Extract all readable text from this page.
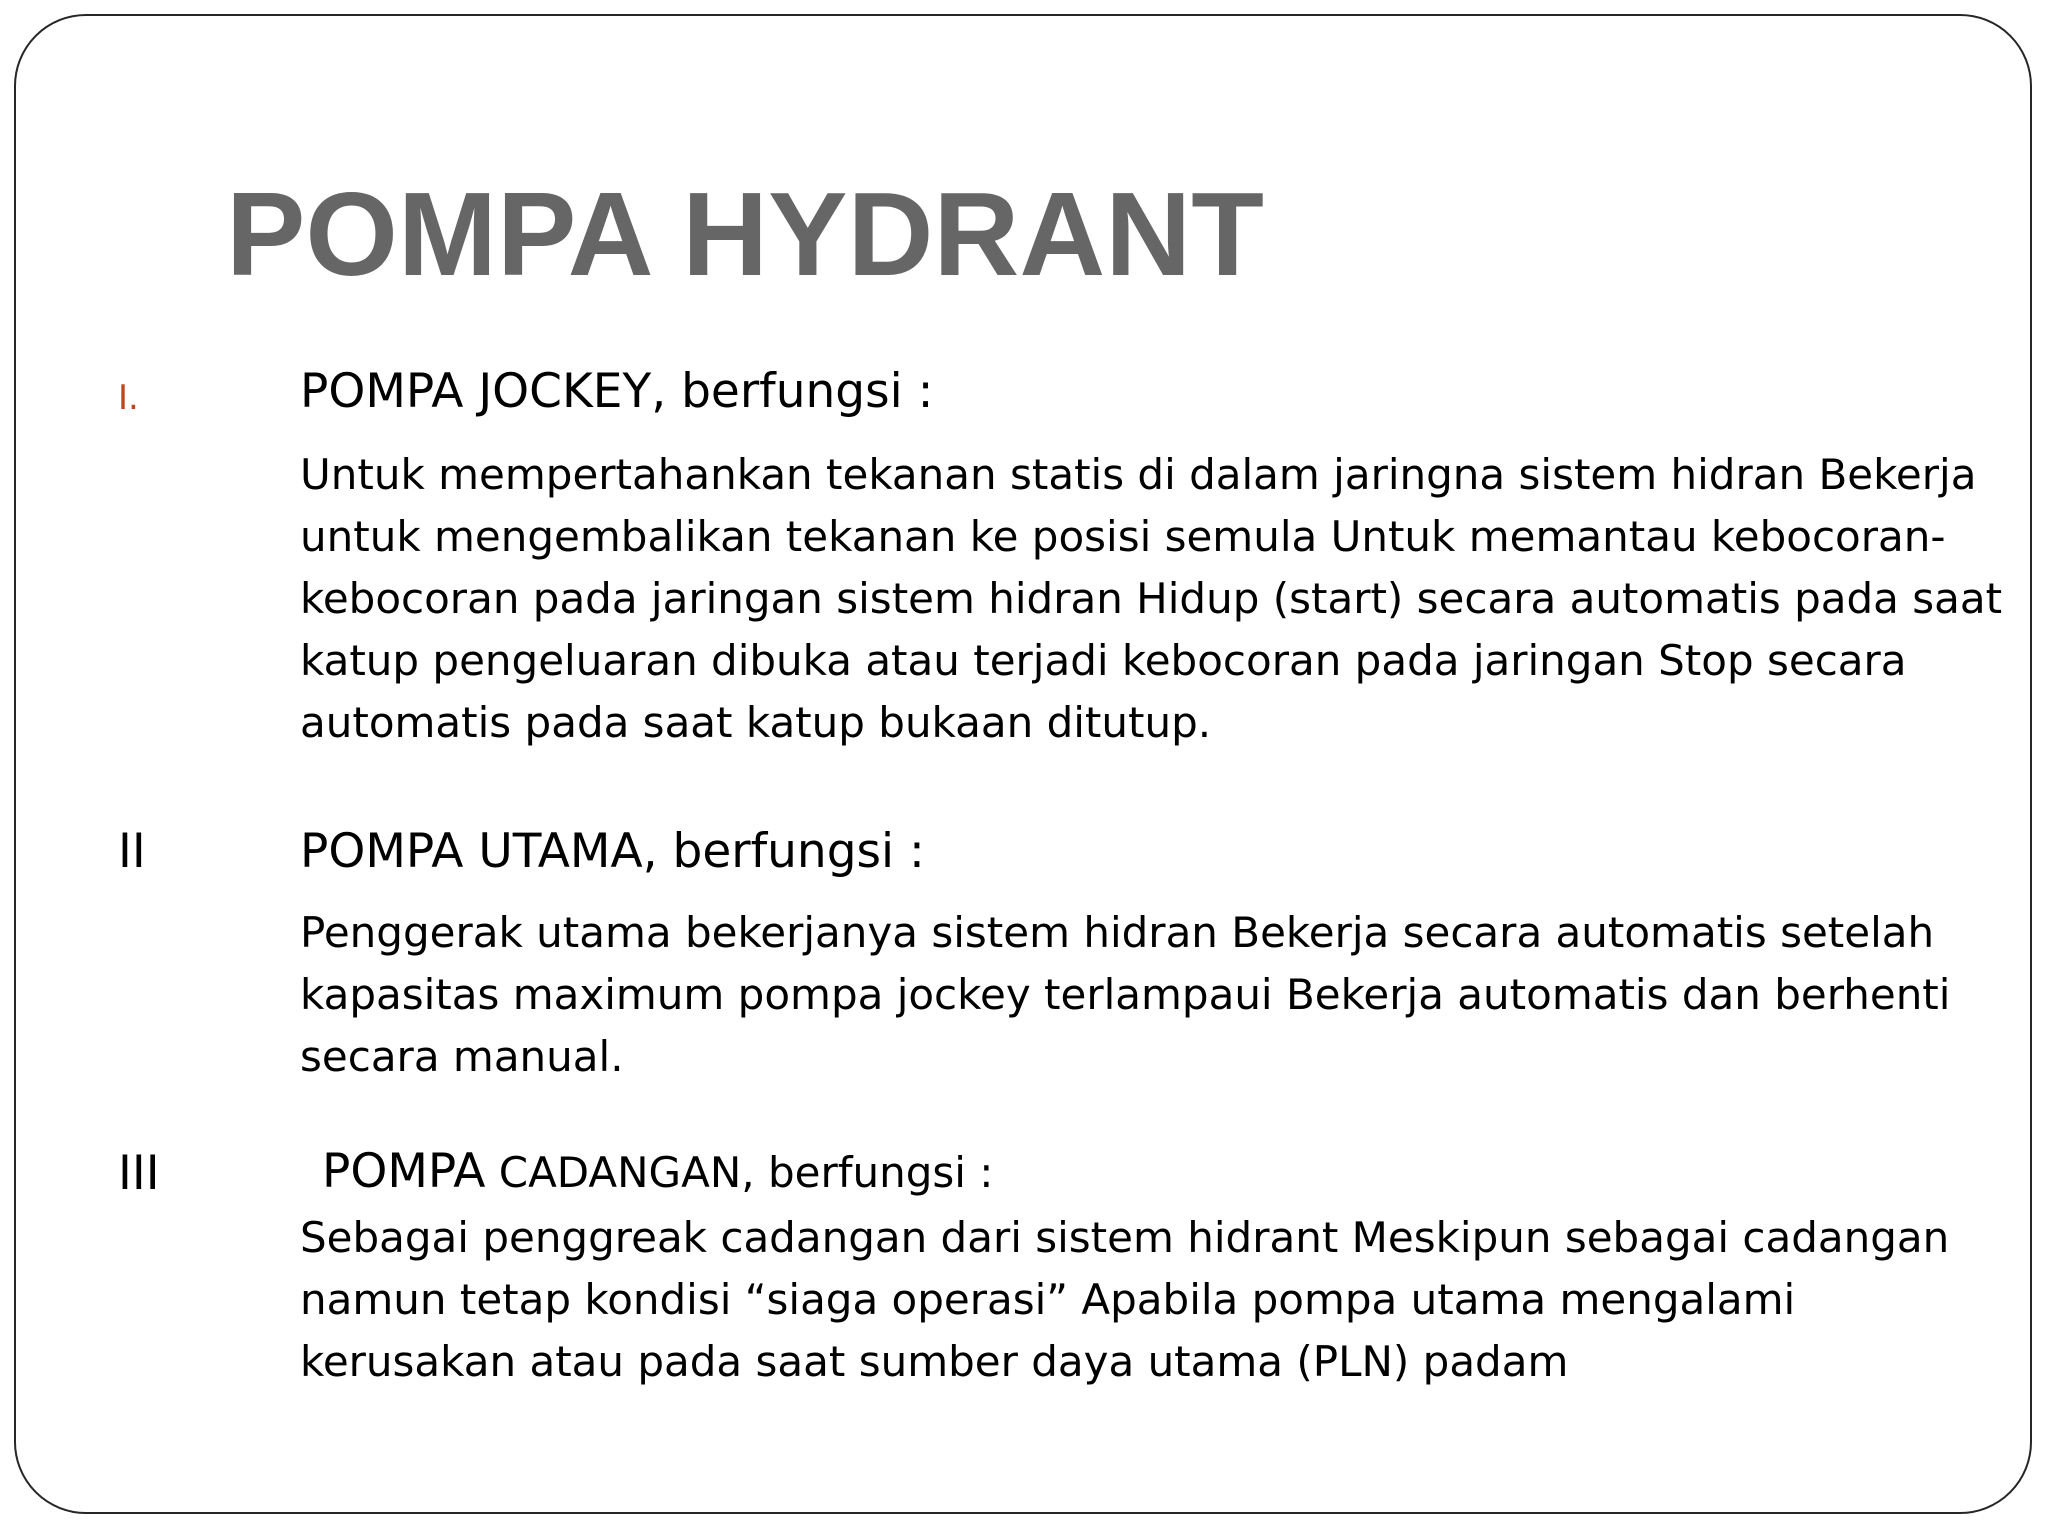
POMPA HYDRANT
I.	POMPA JOCKEY, berfungsi :

Untuk mempertahankan tekanan statis di dalam jaringna sistem hidran Bekerja
untuk mengembalikan tekanan ke posisi semula Untuk memantau kebocoran-
kebocoran pada jaringan sistem hidran Hidup (start) secara automatis pada saat
katup pengeluaran dibuka atau terjadi kebocoran pada jaringan Stop secara
automatis pada saat katup bukaan ditutup.

II	POMPA UTAMA, berfungsi :

Penggerak utama bekerjanya sistem hidran Bekerja secara automatis setelah
kapasitas maximum pompa jockey terlampaui Bekerja automatis dan berhenti
secara manual.

III	POMPA CADANGAN, berfungsi :

Sebagai penggreak cadangan dari sistem hidrant Meskipun sebagai cadangan
namun tetap kondisi “siaga operasi” Apabila pompa utama mengalami
kerusakan atau pada saat sumber daya utama (PLN) padam
